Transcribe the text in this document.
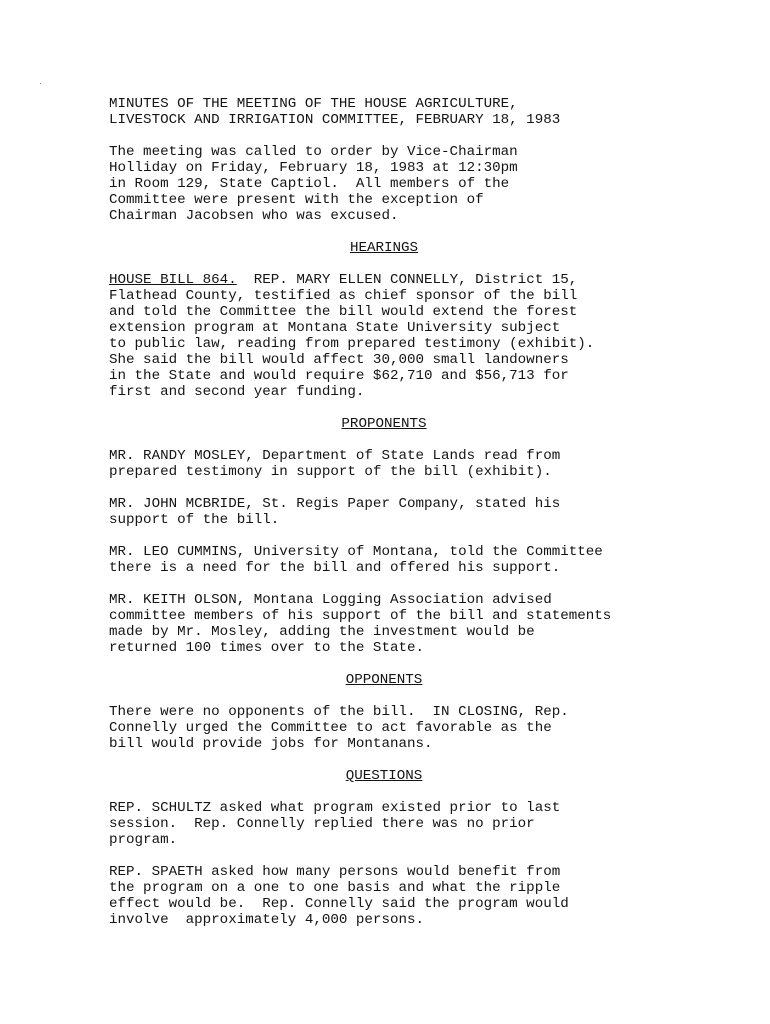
MINUTES OF THE MEETING OF THE HOUSE AGRICULTURE,
LIVESTOCK AND IRRIGATION COMMITTEE, FEBRUARY 18, 1983
The meeting was called to order by Vice-Chairman
Holliday on Friday, February 18, 1983 at 12:30pm
in Room 129, State Captiol.  All members of the
Committee were present with the exception of
Chairman Jacobsen who was excused.
HEARINGS
HOUSE BILL 864.  REP. MARY ELLEN CONNELLY, District 15,
Flathead County, testified as chief sponsor of the bill
and told the Committee the bill would extend the forest
extension program at Montana State University subject
to public law, reading from prepared testimony (exhibit).
She said the bill would affect 30,000 small landowners
in the State and would require $62,710 and $56,713 for
first and second year funding.
PROPONENTS
MR. RANDY MOSLEY, Department of State Lands read from
prepared testimony in support of the bill (exhibit).
MR. JOHN MCBRIDE, St. Regis Paper Company, stated his
support of the bill.
MR. LEO CUMMINS, University of Montana, told the Committee
there is a need for the bill and offered his support.
MR. KEITH OLSON, Montana Logging Association advised
committee members of his support of the bill and statements
made by Mr. Mosley, adding the investment would be
returned 100 times over to the State.
OPPONENTS
There were no opponents of the bill.  IN CLOSING, Rep.
Connelly urged the Committee to act favorable as the
bill would provide jobs for Montanans.
QUESTIONS
REP. SCHULTZ asked what program existed prior to last
session.  Rep. Connelly replied there was no prior
program.
REP. SPAETH asked how many persons would benefit from
the program on a one to one basis and what the ripple
effect would be.  Rep. Connelly said the program would
involve  approximately 4,000 persons.
